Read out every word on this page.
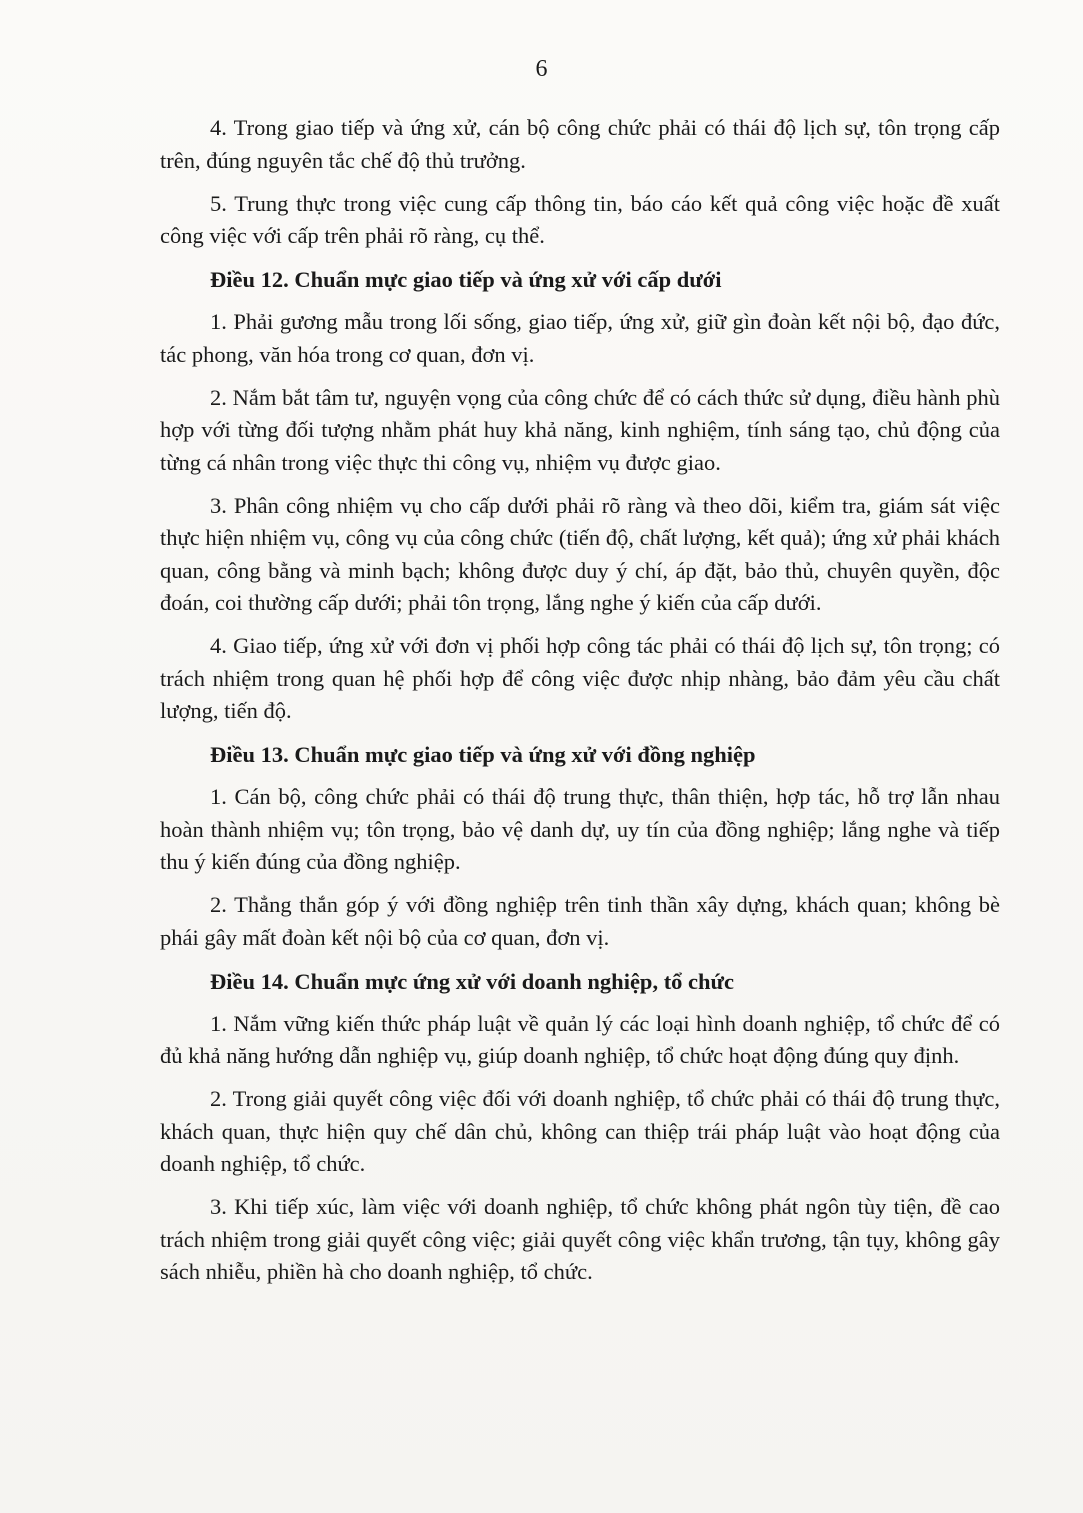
6

4. Trong giao tiếp và ứng xử, cán bộ công chức phải có thái độ lịch sự, tôn trọng cấp trên, đúng nguyên tắc chế độ thủ trưởng.

5. Trung thực trong việc cung cấp thông tin, báo cáo kết quả công việc hoặc đề xuất công việc với cấp trên phải rõ ràng, cụ thể.

Điều 12. Chuẩn mực giao tiếp và ứng xử với cấp dưới

1. Phải gương mẫu trong lối sống, giao tiếp, ứng xử, giữ gìn đoàn kết nội bộ, đạo đức, tác phong, văn hóa trong cơ quan, đơn vị.

2. Nắm bắt tâm tư, nguyện vọng của công chức để có cách thức sử dụng, điều hành phù hợp với từng đối tượng nhằm phát huy khả năng, kinh nghiệm, tính sáng tạo, chủ động của từng cá nhân trong việc thực thi công vụ, nhiệm vụ được giao.

3. Phân công nhiệm vụ cho cấp dưới phải rõ ràng và theo dõi, kiểm tra, giám sát việc thực hiện nhiệm vụ, công vụ của công chức (tiến độ, chất lượng, kết quả); ứng xử phải khách quan, công bằng và minh bạch; không được duy ý chí, áp đặt, bảo thủ, chuyên quyền, độc đoán, coi thường cấp dưới; phải tôn trọng, lắng nghe ý kiến của cấp dưới.

4. Giao tiếp, ứng xử với đơn vị phối hợp công tác phải có thái độ lịch sự, tôn trọng; có trách nhiệm trong quan hệ phối hợp để công việc được nhịp nhàng, bảo đảm yêu cầu chất lượng, tiến độ.

Điều 13. Chuẩn mực giao tiếp và ứng xử với đồng nghiệp

1. Cán bộ, công chức phải có thái độ trung thực, thân thiện, hợp tác, hỗ trợ lẫn nhau hoàn thành nhiệm vụ; tôn trọng, bảo vệ danh dự, uy tín của đồng nghiệp; lắng nghe và tiếp thu ý kiến đúng của đồng nghiệp.

2. Thẳng thắn góp ý với đồng nghiệp trên tinh thần xây dựng, khách quan; không bè phái gây mất đoàn kết nội bộ của cơ quan, đơn vị.

Điều 14. Chuẩn mực ứng xử với doanh nghiệp, tổ chức

1. Nắm vững kiến thức pháp luật về quản lý các loại hình doanh nghiệp, tổ chức để có đủ khả năng hướng dẫn nghiệp vụ, giúp doanh nghiệp, tổ chức hoạt động đúng quy định.

2. Trong giải quyết công việc đối với doanh nghiệp, tổ chức phải có thái độ trung thực, khách quan, thực hiện quy chế dân chủ, không can thiệp trái pháp luật vào hoạt động của doanh nghiệp, tổ chức.

3. Khi tiếp xúc, làm việc với doanh nghiệp, tổ chức không phát ngôn tùy tiện, đề cao trách nhiệm trong giải quyết công việc; giải quyết công việc khẩn trương, tận tụy, không gây sách nhiễu, phiền hà cho doanh nghiệp, tổ chức.
